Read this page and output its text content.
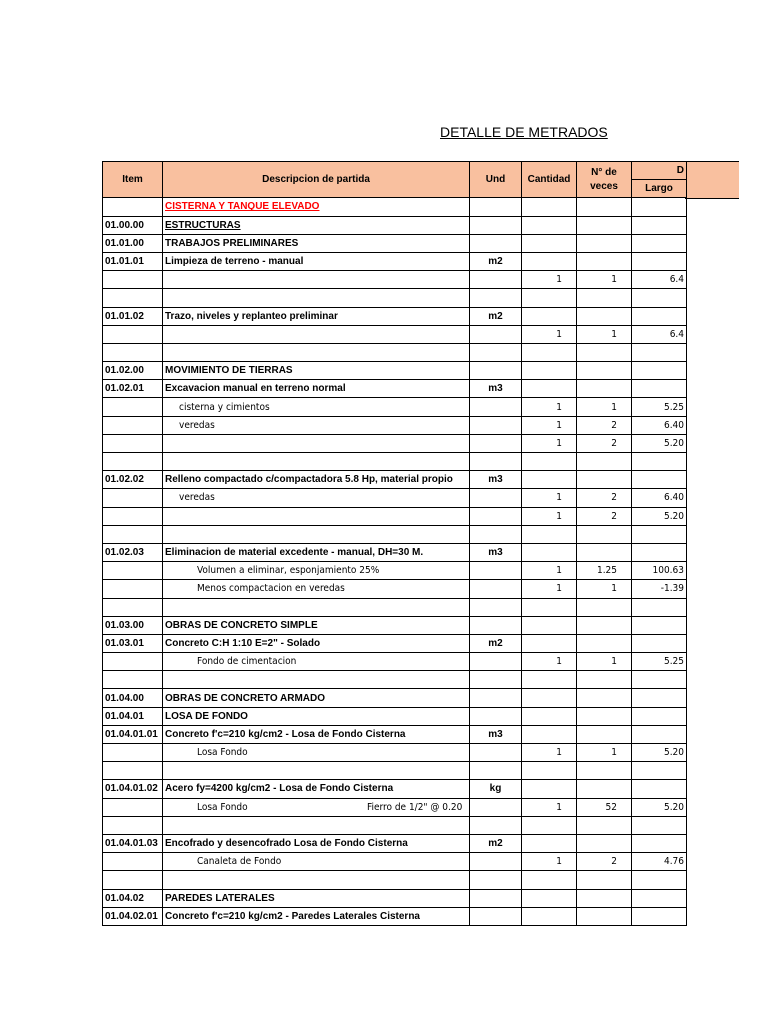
DETALLE DE METRADOS
Item	Descripcion de partida	Und	Cantidad	N° de veces	D
					Largo
	CISTERNA Y TANQUE ELEVADO				
01.00.00	ESTRUCTURAS				
01.01.00	TRABAJOS PRELIMINARES				
01.01.01	Limpieza de terreno - manual	m2			
			1	1	6.4

01.01.02	Trazo, niveles y replanteo preliminar	m2			
			1	1	6.4

01.02.00	MOVIMIENTO DE TIERRAS				
01.02.01	Excavacion manual en terreno normal	m3			
	cisterna y cimientos		1	1	5.25
	veredas		1	2	6.40
			1	2	5.20

01.02.02	Relleno compactado c/compactadora 5.8 Hp, material propio	m3			
	veredas		1	2	6.40
			1	2	5.20

01.02.03	Eliminacion de material excedente - manual, DH=30 M.	m3			
	Volumen a eliminar, esponjamiento 25%		1	1.25	100.63
	Menos compactacion en veredas		1	1	-1.39

01.03.00	OBRAS DE CONCRETO SIMPLE				
01.03.01	Concreto C:H 1:10 E=2" - Solado	m2			
	Fondo de cimentacion		1	1	5.25

01.04.00	OBRAS DE CONCRETO ARMADO				
01.04.01	LOSA DE FONDO				
01.04.01.01	Concreto f'c=210 kg/cm2 - Losa de Fondo Cisterna	m3			
	Losa Fondo		1	1	5.20

01.04.01.02	Acero fy=4200 kg/cm2 - Losa de Fondo Cisterna	kg			

	Losa Fondo Fierro de 1/2" @ 0.20		1	52	5.20

01.04.01.03	Encofrado y desencofrado Losa de Fondo Cisterna	m2			
	Canaleta de Fondo		1	2	4.76

01.04.02	PAREDES LATERALES				
01.04.02.01	Concreto f'c=210 kg/cm2 - Paredes Laterales Cisterna				
